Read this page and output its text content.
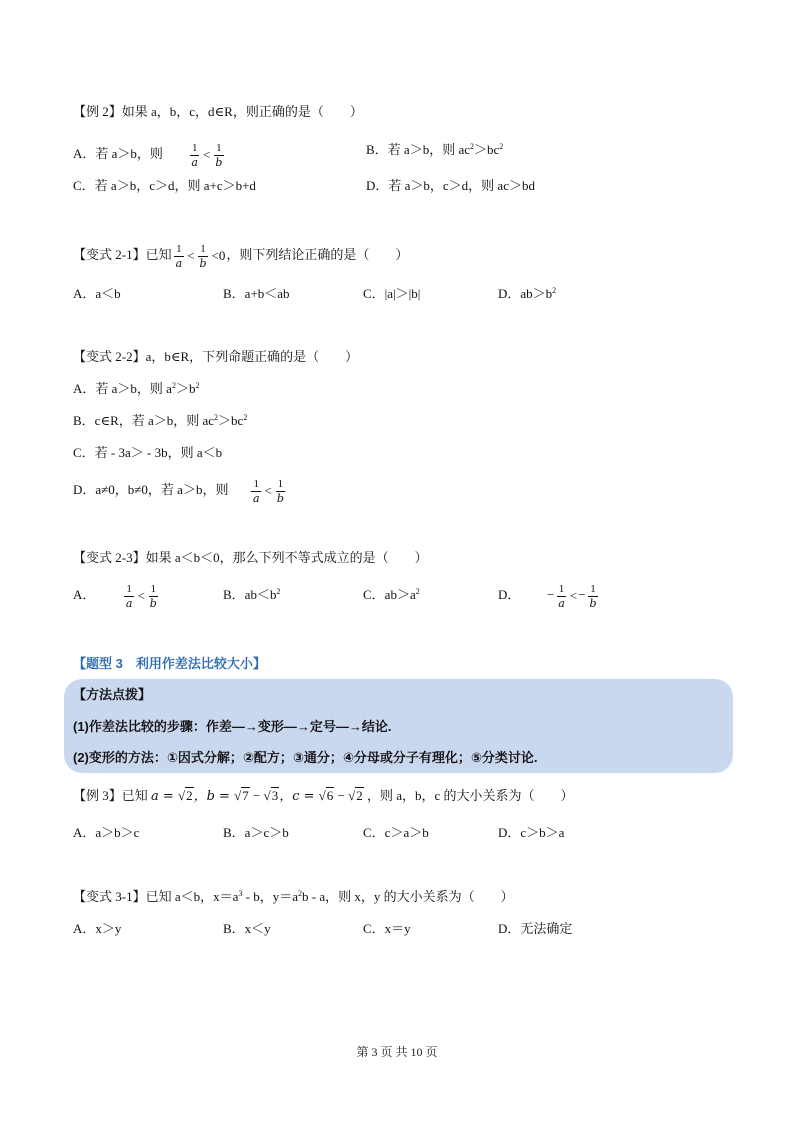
【例 2】如果 a，b，c，d∈R，则正确的是（　　）
A．若 a＞b，则 $\frac{1}{a} < \frac{1}{b}$	B．若 a＞b，则 $ac^2>bc^2$
C．若 a＞b，c＞d，则 a+c＞b+d	D．若 a＞b，c＞d，则 ac＞bd
【变式 2-1】已知 $\frac{1}{a} < \frac{1}{b} <0$，则下列结论正确的是（　　）
A．a＜b	B．a+b＜ab	C．|a|＞|b|	D．$ab>b^2$
【变式 2-2】a，b∈R，下列命题正确的是（　　）
A．若 a＞b，则 $a^2>b^2$
B．c∈R，若 a＞b，则 $ac^2>bc^2$
C．若 - 3a＞ - 3b，则 a＜b
D．a≠0，b≠0，若 a＞b，则 $\frac{1}{a} < \frac{1}{b}$
【变式 2-3】如果 a＜b＜0，那么下列不等式成立的是（　　）
A．	$\frac{1}{a} < \frac{1}{b}$	B．$ab<b^2$	C．$ab>a^2$	D． − $\frac{1}{a} <- \frac{1}{b}$
【题型 3　利用作差法比较大小】
【方法点拨】
(1)作差法比较的步骤：作差—→变形—→定号—→结论.
(2)变形的方法：①因式分解；②配方；③通分；④分母或分子有理化；⑤分类讨论.
【例 3】已知 a = √2，b = √7 − √3，c = √6 − √2 ，则 a，b，c 的大小关系为（　　）
A．a＞b＞c	B．a＞c＞b	C．c＞a＞b	D．c＞b＞a
【变式 3-1】已知 a＜b，$x=a^3 - b$，$y=a^2b - a$，则 x，y 的大小关系为（　　）
A．x＞y	B．x＜y	C．x＝y	D．无法确定
第 3 页 共 10 页
